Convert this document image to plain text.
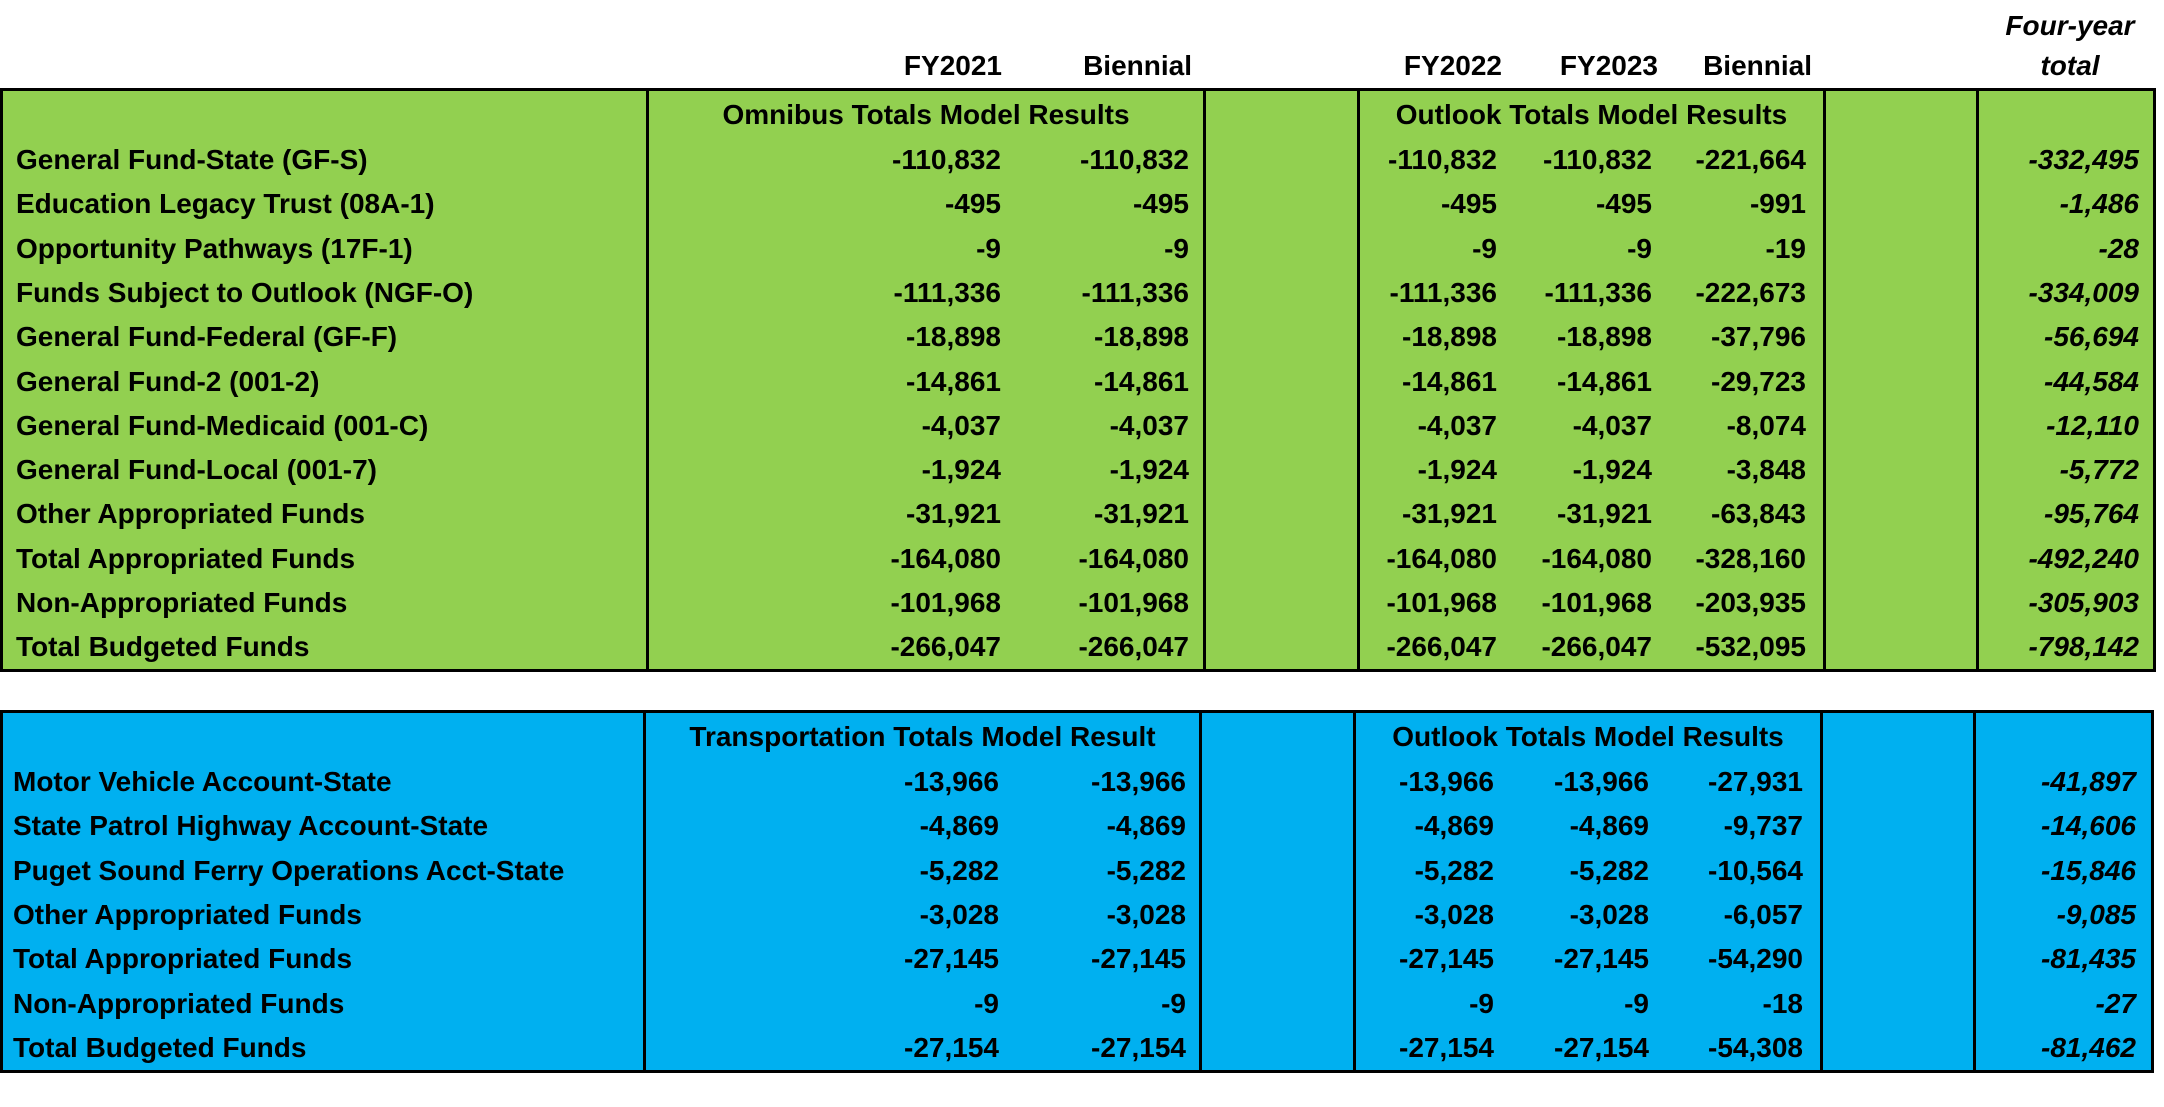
FY2021	Biennial	FY2022	FY2023	Biennial
Four-year
total
Omnibus Totals Model Results	Outlook Totals Model Results
General Fund-State (GF-S)	-110,832	-110,832	-110,832	-110,832	-221,664	-332,495
Education Legacy Trust (08A-1)	-495	-495	-495	-495	-991	-1,486
Opportunity Pathways (17F-1)	-9	-9	-9	-9	-19	-28
Funds Subject to Outlook (NGF-O)	-111,336	-111,336	-111,336	-111,336	-222,673	-334,009
General Fund-Federal (GF-F)	-18,898	-18,898	-18,898	-18,898	-37,796	-56,694
General Fund-2 (001-2)	-14,861	-14,861	-14,861	-14,861	-29,723	-44,584
General Fund-Medicaid (001-C)	-4,037	-4,037	-4,037	-4,037	-8,074	-12,110
General Fund-Local (001-7)	-1,924	-1,924	-1,924	-1,924	-3,848	-5,772
Other Appropriated Funds	-31,921	-31,921	-31,921	-31,921	-63,843	-95,764
Total Appropriated Funds	-164,080	-164,080	-164,080	-164,080	-328,160	-492,240
Non-Appropriated Funds	-101,968	-101,968	-101,968	-101,968	-203,935	-305,903
Total Budgeted Funds	-266,047	-266,047	-266,047	-266,047	-532,095	-798,142
Transportation Totals Model Result	Outlook Totals Model Results
Motor Vehicle Account-State	-13,966	-13,966	-13,966	-13,966	-27,931	-41,897
State Patrol Highway Account-State	-4,869	-4,869	-4,869	-4,869	-9,737	-14,606
Puget Sound Ferry Operations Acct-State	-5,282	-5,282	-5,282	-5,282	-10,564	-15,846
Other Appropriated Funds	-3,028	-3,028	-3,028	-3,028	-6,057	-9,085
Total Appropriated Funds	-27,145	-27,145	-27,145	-27,145	-54,290	-81,435
Non-Appropriated Funds	-9	-9	-9	-9	-18	-27
Total Budgeted Funds	-27,154	-27,154	-27,154	-27,154	-54,308	-81,462
